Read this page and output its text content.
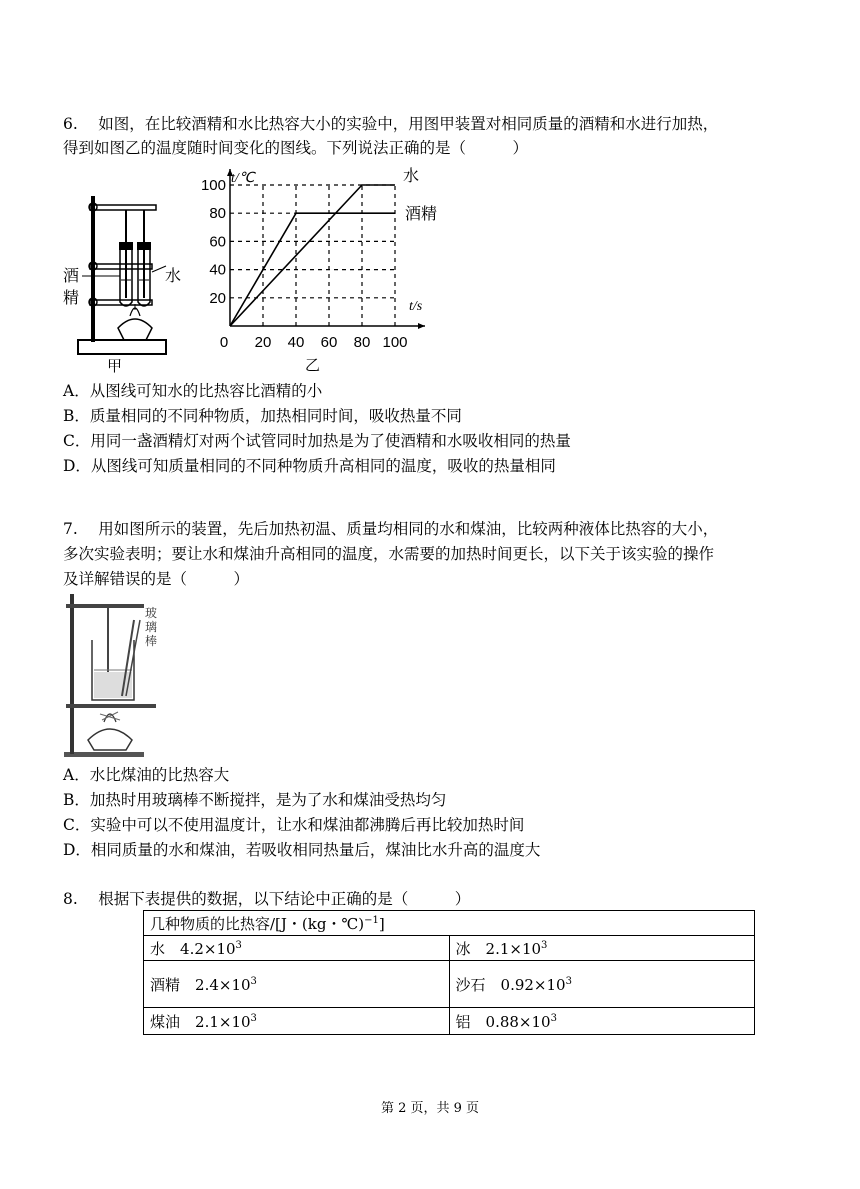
6.　 如图，在比较酒精和水比热容大小的实验中，用图甲装置对相同质量的酒精和水进行加热，
得到如图乙的温度随时间变化的图线。下列说法正确的是（　　　）
酒
精
水
甲
20 40 60 80 100
20
40
60
80
100
0
t/℃
t/s
水
酒精
乙
A．从图线可知水的比热容比酒精的小
B．质量相同的不同种物质，加热相同时间，吸收热量不同
C．用同一盏酒精灯对两个试管同时加热是为了使酒精和水吸收相同的热量
D．从图线可知质量相同的不同种物质升高相同的温度，吸收的热量相同
7.　 用如图所示的装置，先后加热初温、质量均相同的水和煤油，比较两种液体比热容的大小，
多次实验表明；要让水和煤油升高相同的温度，水需要的加热时间更长，以下关于该实验的操作
及详解错误的是（　　　）
玻璃棒
A．水比煤油的比热容大
B．加热时用玻璃棒不断搅拌，是为了水和煤油受热均匀
C．实验中可以不使用温度计，让水和煤油都沸腾后再比较加热时间
D．相同质量的水和煤油，若吸收相同热量后，煤油比水升高的温度大
8.　 根据下表提供的数据，以下结论中正确的是（　　　）
几种物质的比热容/[J・(kg・℃)$^{-1}$]	
水　 $4.2\times 10^3$	冰　 $2.1\times 10^3$
酒精　 $2.4\times 10^3$	沙石　 $0.92\times 10^3$
煤油　 $2.1\times 10^3$	铝　 $0.88\times 10^3$
第 2 页，共 9 页
